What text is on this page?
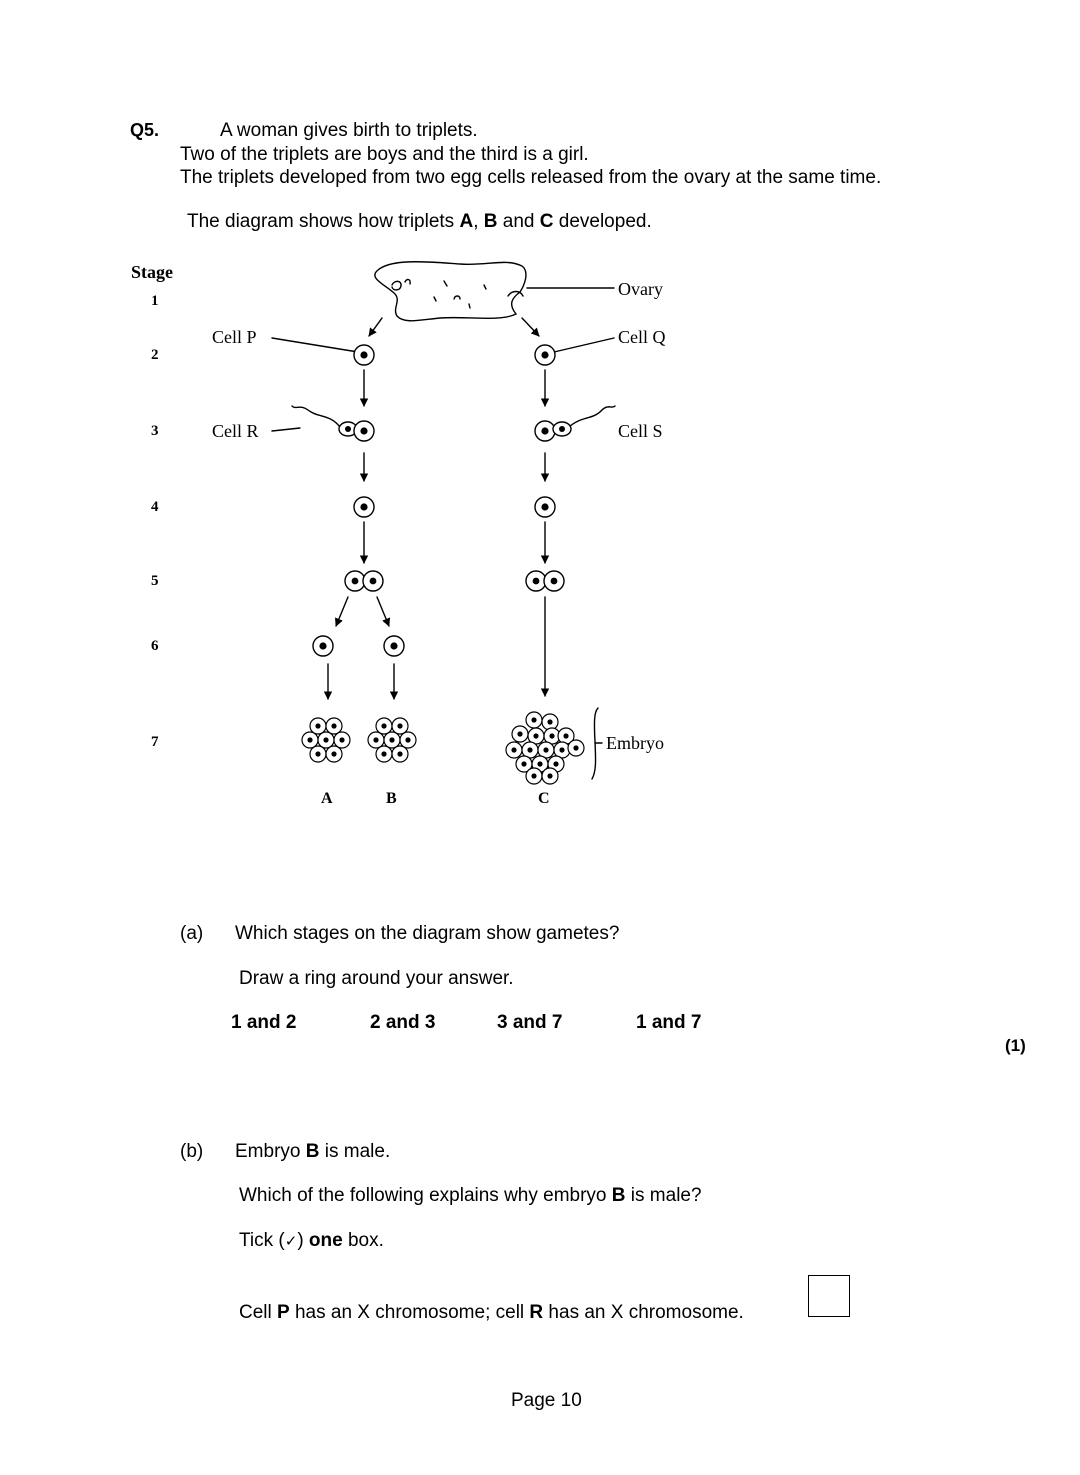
Q5.	A woman gives birth to triplets.
Two of the triplets are boys and the third is a girl.
The triplets developed from two egg cells released from the ovary at the same time.
The diagram shows how triplets A, B and C developed.
Stage
1
2
3
4
5
6
7
Ovary
Cell P	Cell Q
Cell R	Cell S
Embryo
A	B	C
(a) Which stages on the diagram show gametes?
Draw a ring around your answer.
1 and 2	2 and 3	3 and 7	1 and 7
(1)
(b) Embryo B is male.
Which of the following explains why embryo B is male?
Tick (✓) one box.
Cell P has an X chromosome; cell R has an X chromosome.
Page 10
